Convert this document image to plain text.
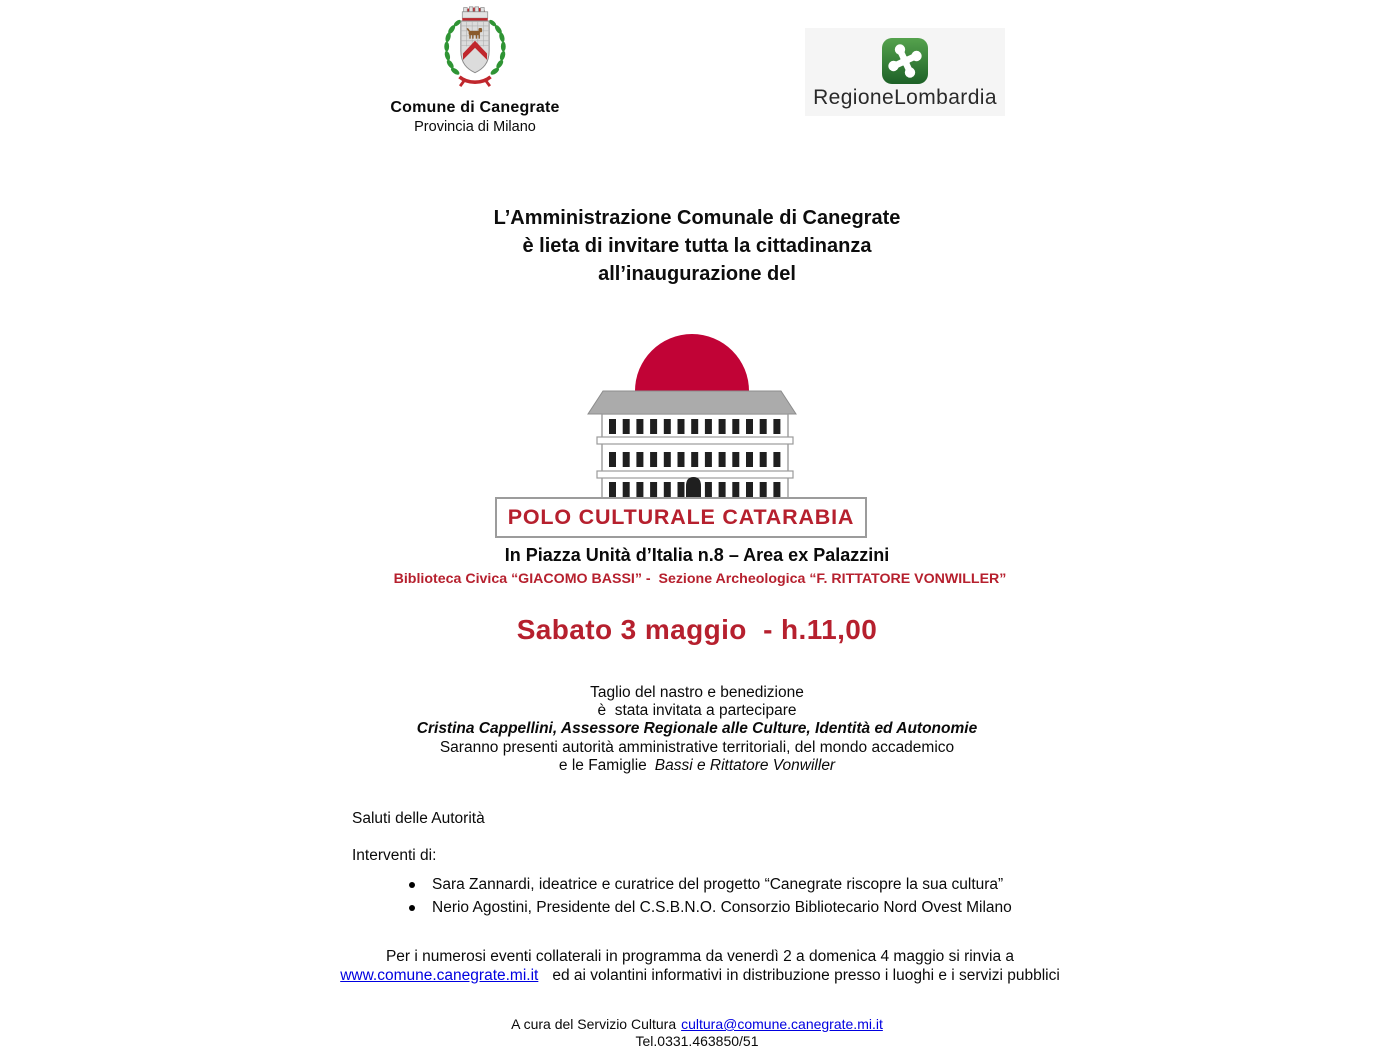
Comune di Canegrate
Provincia di Milano
RegioneLombardia
L’Amministrazione Comunale di Canegrate
è lieta di invitare tutta la cittadinanza
all’inaugurazione del
POLO CULTURALE CATARABIA
In Piazza Unità d’Italia n.8 – Area ex Palazzini
Biblioteca Civica “GIACOMO BASSI” -  Sezione Archeologica “F. RITTATORE VONWILLER”
Sabato 3 maggio  - h.11,00
Taglio del nastro e benedizione
è  stata invitata a partecipare
Cristina Cappellini, Assessore Regionale alle Culture, Identità ed Autonomie
Saranno presenti autorità amministrative territoriali, del mondo accademico
e le Famiglie Bassi e Rittatore Vonwiller
Saluti delle Autorità
Interventi di:
Sara Zannardi, ideatrice e curatrice del progetto “Canegrate riscopre la sua cultura”
Nerio Agostini, Presidente del C.S.B.N.O. Consorzio Bibliotecario Nord Ovest Milano
Per i numerosi eventi collaterali in programma da venerdì 2 a domenica 4 maggio si rinvia a
www.comune.canegrate.mi.it ed ai volantini informativi in distribuzione presso i luoghi e i servizi pubblici
A cura del Servizio Cultura cultura@comune.canegrate.mi.it
Tel.0331.463850/51
